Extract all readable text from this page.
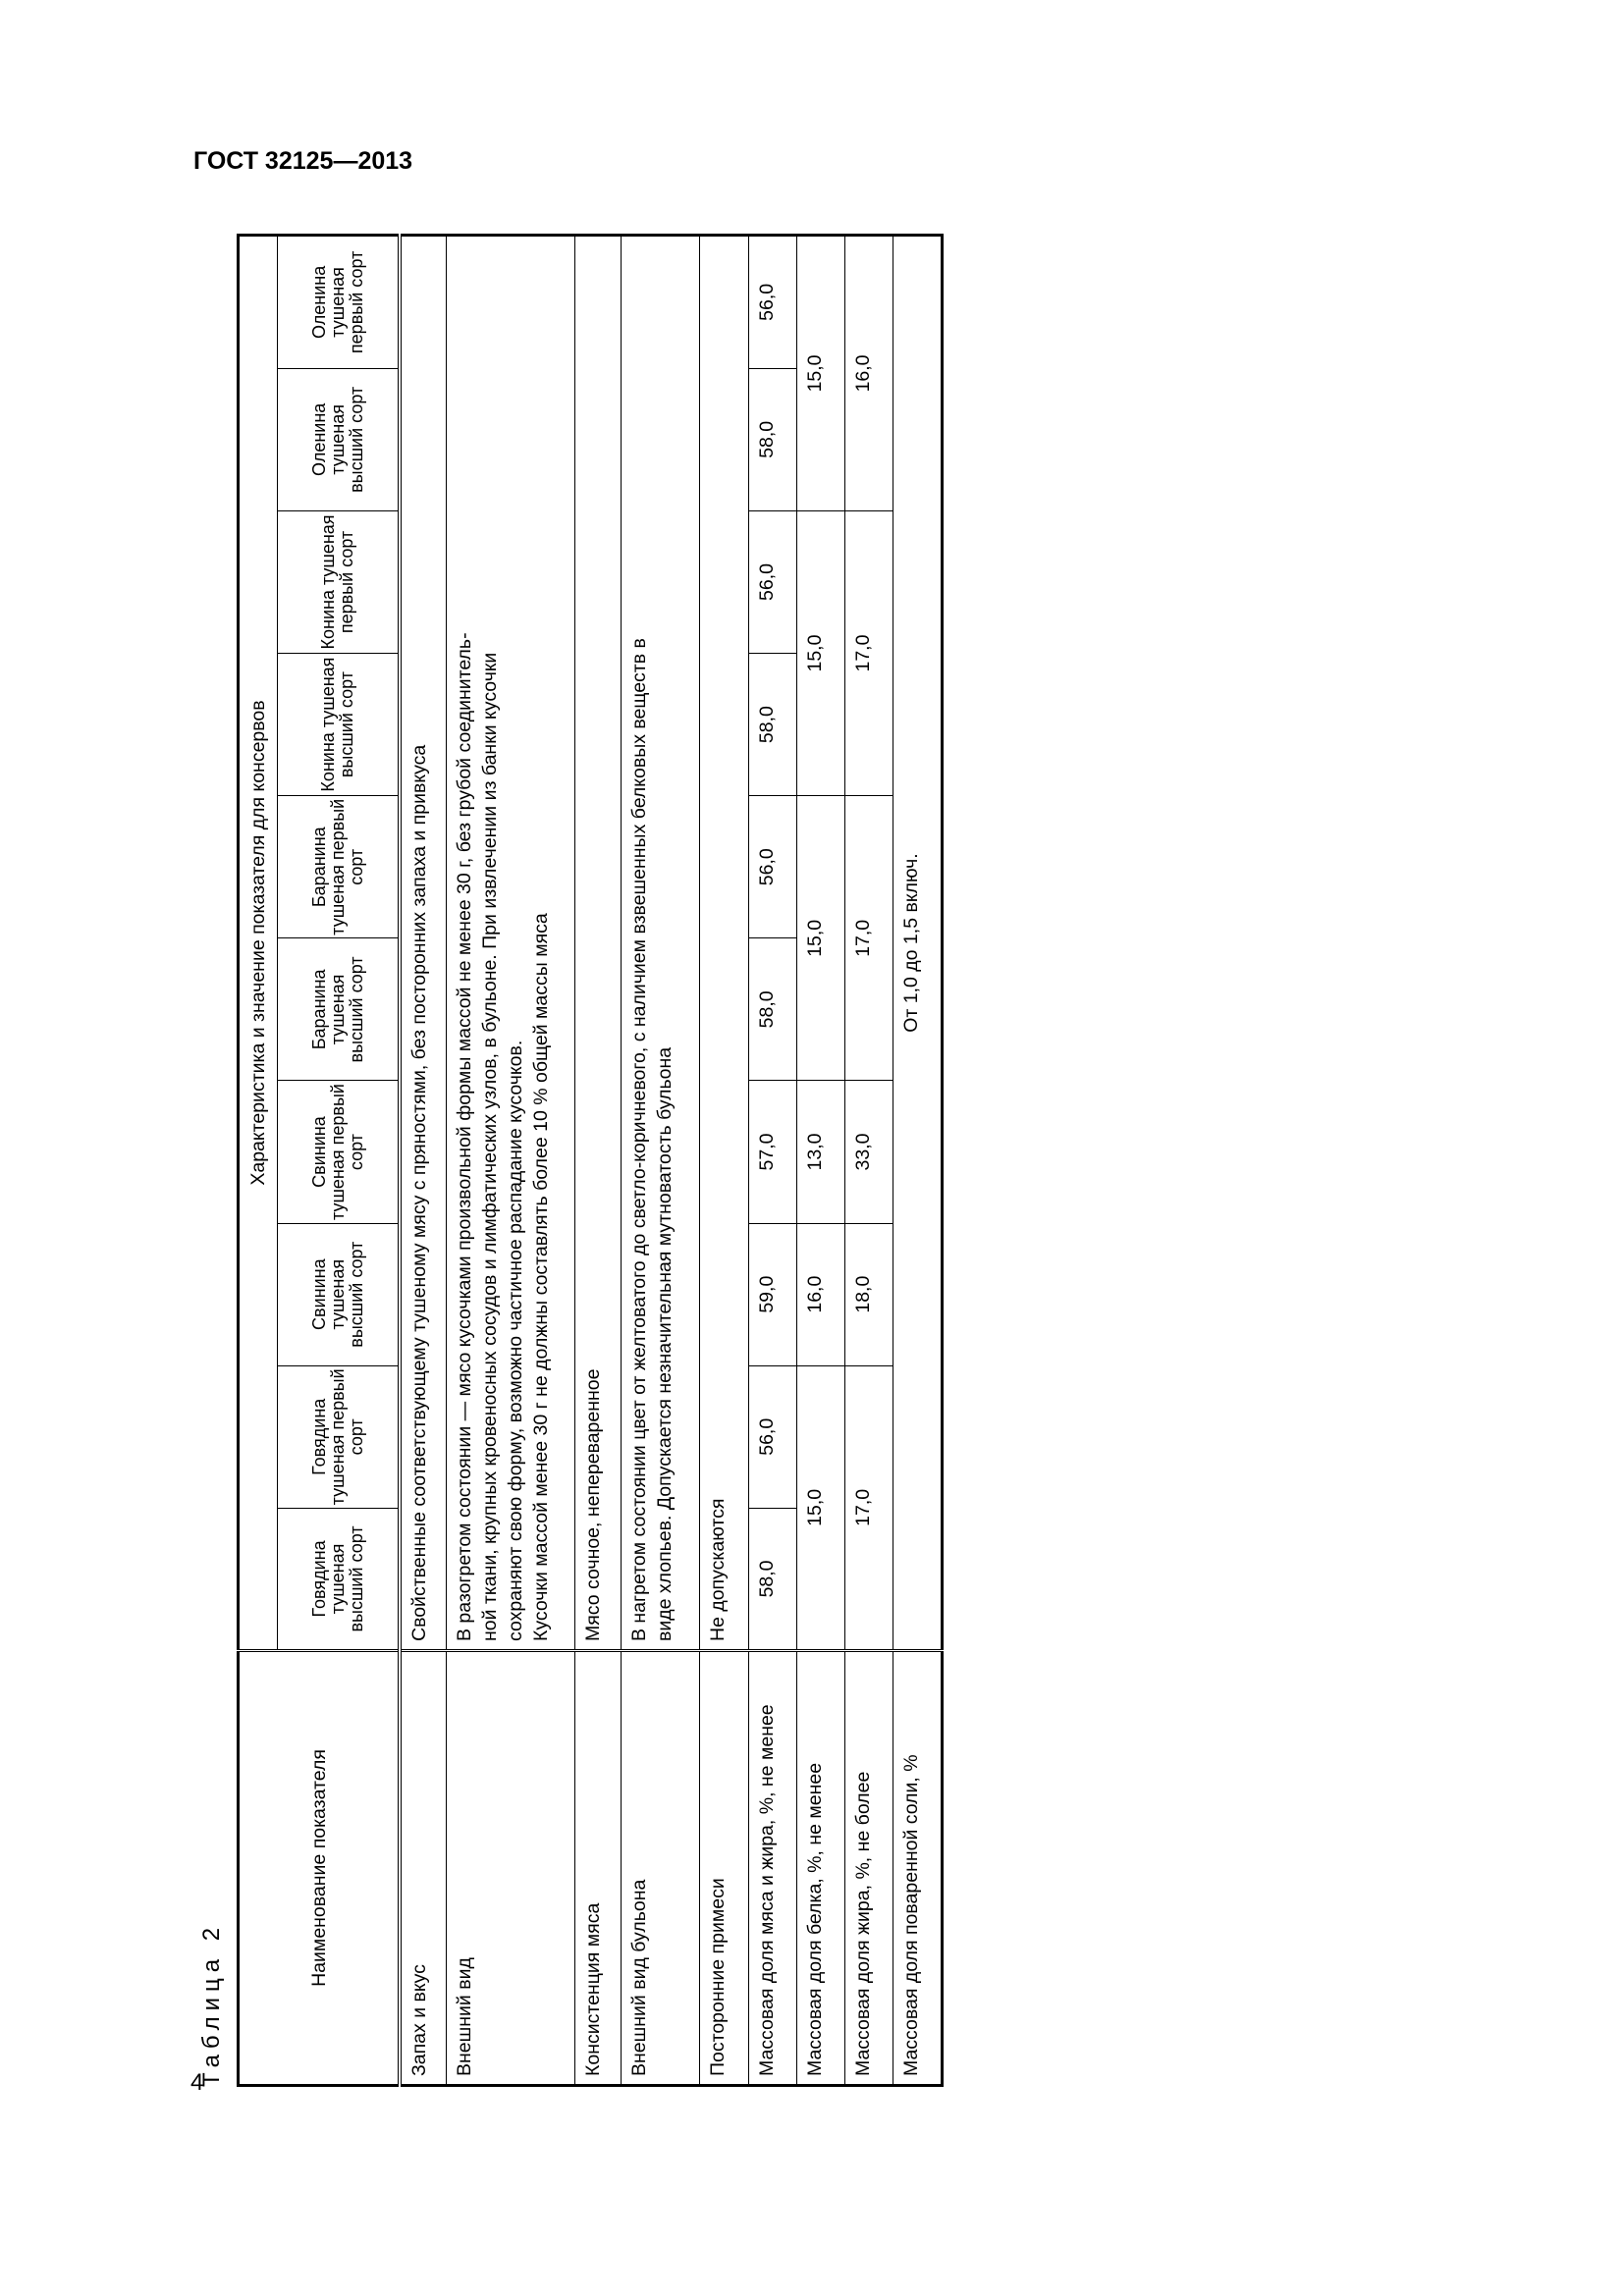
ГОСТ 32125—2013
4
Таблица 2
Наименование показателя	Характеристика и значение показателя для консервов									
	Говядина тушеная высший сорт	Говядина тушеная первый сорт	Свинина тушеная высший сорт	Свинина тушеная первый сорт	Баранина тушеная высший сорт	Баранина тушеная первый сорт	Конина тушеная высший сорт	Конина тушеная первый сорт	Оленина тушеная высший сорт	Оленина тушеная первый сорт
Запах и вкус	Свойственные соответствующему тушеному мясу с пряностями, без посторонних запаха и привкуса									
Внешний вид	В разогретом состоянии — мясо кусочками произвольной формы массой не менее 30 г, без грубой соединитель- ной ткани, крупных кровеносных сосудов и лимфатических узлов, в бульоне. При извлечении из банки кусочки сохраняют свою форму, возможно частичное распадание кусочков. Кусочки массой менее 30 г не должны составлять более 10 % общей массы мяса									

Консистенция мяса	Мясо сочное, непереваренное									
Внешний вид бульона	В нагретом состоянии цвет от желтоватого до светло-коричневого, с наличием взвешенных белковых веществ в виде хлопьев. Допускается незначительная мутноватость бульона									

Посторонние примеси	Не допускаются									
Массовая доля мяса и жира, %, не менее	58,0	56,0	59,0	57,0	58,0	56,0	58,0	56,0	58,0	56,0
Массовая доля белка, %, не менее	15,0		16,0	13,0	15,0		15,0		15,0	
Массовая доля жира, %, не более	17,0		18,0	33,0	17,0		17,0		16,0	
Массовая доля поваренной соли, %	От 1,0 до 1,5 включ.									
